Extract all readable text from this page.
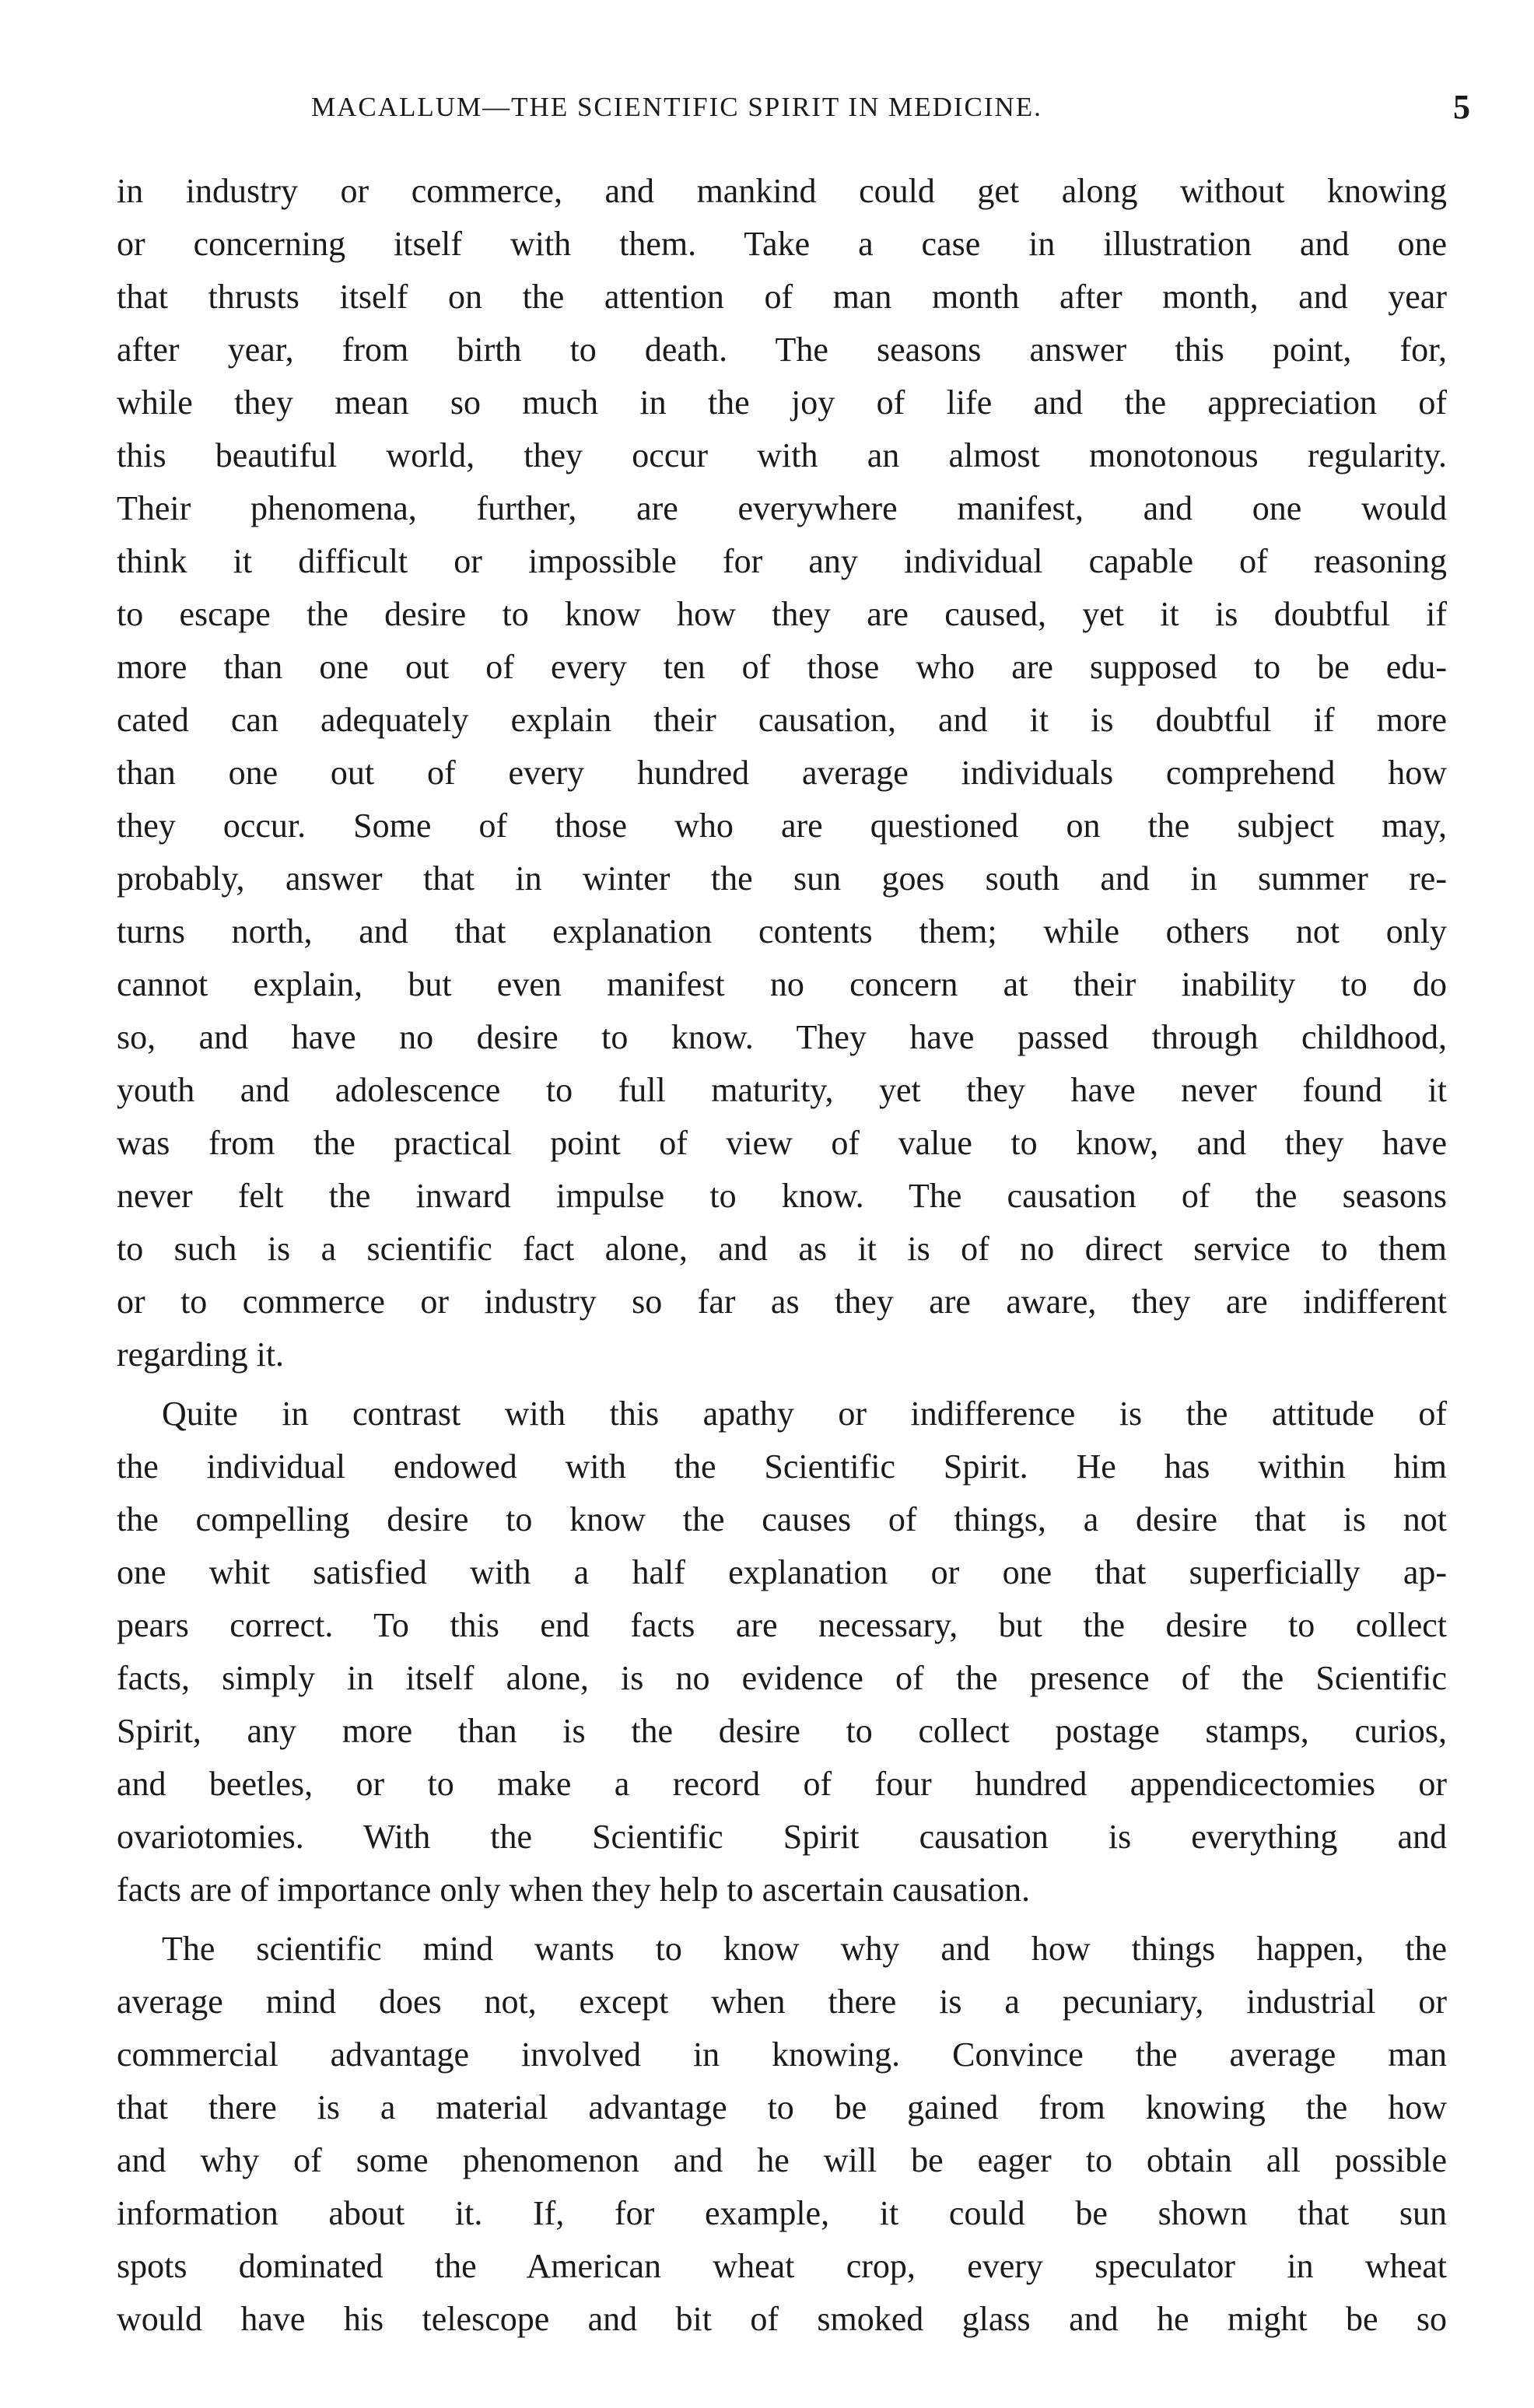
MACALLUM—THE SCIENTIFIC SPIRIT IN MEDICINE.	5
in industry or commerce, and mankind could get along without knowing
or concerning itself with them. Take a case in illustration and one
that thrusts itself on the attention of man month after month, and year
after year, from birth to death. The seasons answer this point, for,
while they mean so much in the joy of life and the appreciation of
this beautiful world, they occur with an almost monotonous regularity.
Their phenomena, further, are everywhere manifest, and one would
think it difficult or impossible for any individual capable of reasoning
to escape the desire to know how they are caused, yet it is doubtful if
more than one out of every ten of those who are supposed to be edu-
cated can adequately explain their causation, and it is doubtful if more
than one out of every hundred average individuals comprehend how
they occur. Some of those who are questioned on the subject may,
probably, answer that in winter the sun goes south and in summer re-
turns north, and that explanation contents them; while others not only
cannot explain, but even manifest no concern at their inability to do
so, and have no desire to know. They have passed through childhood,
youth and adolescence to full maturity, yet they have never found it
was from the practical point of view of value to know, and they have
never felt the inward impulse to know. The causation of the seasons
to such is a scientific fact alone, and as it is of no direct service to them
or to commerce or industry so far as they are aware, they are indifferent
regarding it.
Quite in contrast with this apathy or indifference is the attitude of
the individual endowed with the Scientific Spirit. He has within him
the compelling desire to know the causes of things, a desire that is not
one whit satisfied with a half explanation or one that superficially ap-
pears correct. To this end facts are necessary, but the desire to collect
facts, simply in itself alone, is no evidence of the presence of the Scientific
Spirit, any more than is the desire to collect postage stamps, curios,
and beetles, or to make a record of four hundred appendicectomies or
ovariotomies. With the Scientific Spirit causation is everything and
facts are of importance only when they help to ascertain causation.
The scientific mind wants to know why and how things happen, the
average mind does not, except when there is a pecuniary, industrial or
commercial advantage involved in knowing. Convince the average man
that there is a material advantage to be gained from knowing the how
and why of some phenomenon and he will be eager to obtain all possible
information about it. If, for example, it could be shown that sun
spots dominated the American wheat crop, every speculator in wheat
would have his telescope and bit of smoked glass and he might be so
